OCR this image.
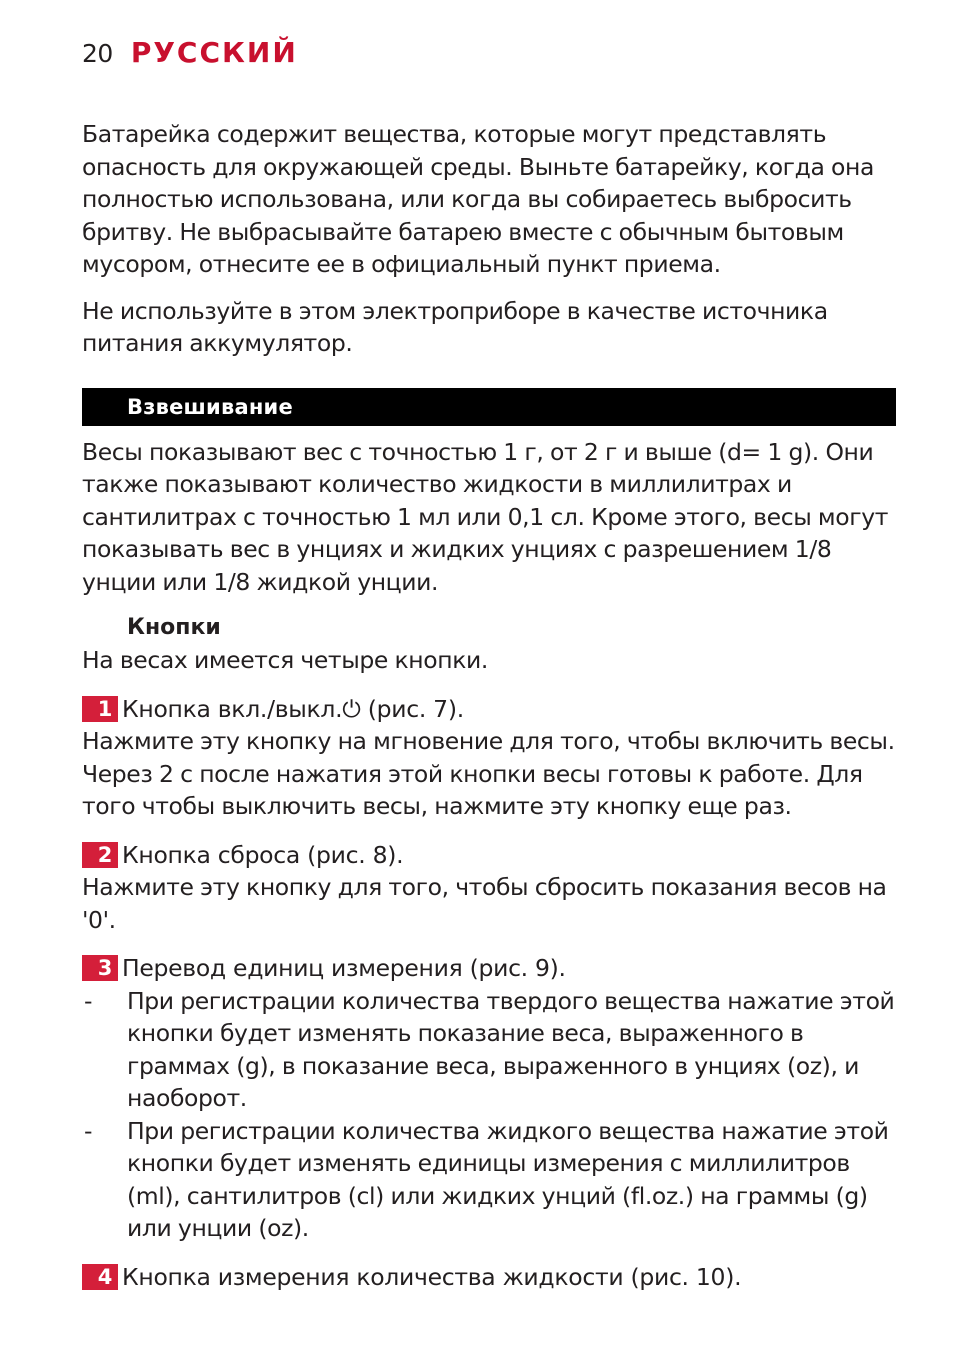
20 РУССКИЙ

Батарейка содержит вещества, которые могут представлять опасность для окружающей среды. Выньте батарейку, когда она полностью использована, или когда вы собираетесь выбросить бритву. Не выбрасывайте батарею вместе с обычным бытовым мусором, отнесите ее в официальный пункт приема.

Не используйте в этом электроприборе в качестве источника питания аккумулятор.

Взвешивание

Весы показывают вес с точностью 1 г, от 2 г и выше (d= 1 g). Они также показывают количество жидкости в миллилитрах и сантилитрах с точностью 1 мл или 0,1 сл. Кроме этого, весы могут показывать вес в унциях и жидких унциях с разрешением 1/8 унции или 1/8 жидкой унции.

Кнопки

На весах имеется четыре кнопки.

1 Кнопка вкл./выкл.⏻ (рис. 7).

Нажмите эту кнопку на мгновение для того, чтобы включить весы. Через 2 с после нажатия этой кнопки весы готовы к работе. Для того чтобы выключить весы, нажмите эту кнопку еще раз.

2 Кнопка сброса (рис. 8).

Нажмите эту кнопку для того, чтобы сбросить показания весов на '0'.

3 Перевод единиц измерения (рис. 9).
-	При регистрации количества твердого вещества нажатие этой кнопки будет изменять показание веса, выраженного в граммах (g), в показание веса, выраженного в унциях (oz), и наоборот.
-	При регистрации количества жидкого вещества нажатие этой кнопки будет изменять единицы измерения с миллилитров (ml), сантилитров (cl) или жидких унций (fl.oz.) на граммы (g) или унции (oz).
4 Кнопка измерения количества жидкости (рис. 10).
